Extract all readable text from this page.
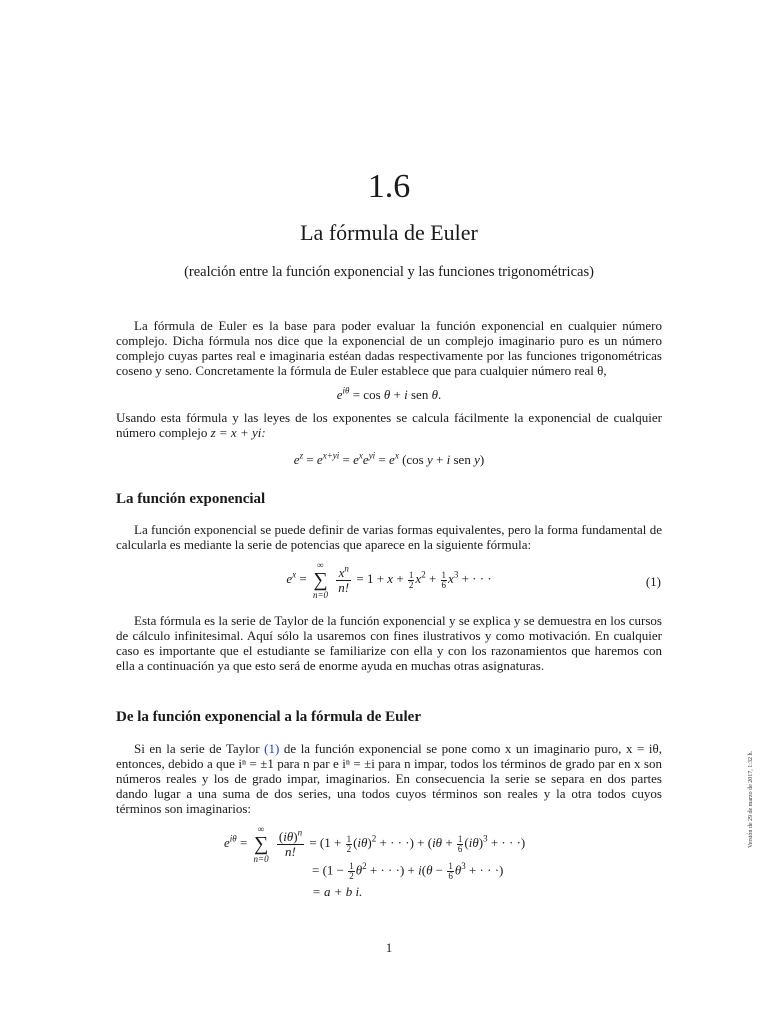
1.6
La fórmula de Euler
(realción entre la función exponencial y las funciones trigonométricas)
La fórmula de Euler es la base para poder evaluar la función exponencial en cualquier número complejo. Dicha fórmula nos dice que la exponencial de un complejo imaginario puro es un número complejo cuyas partes real e imaginaria estéan dadas respectivamente por las funciones trigonométricas coseno y seno. Concretamente la fórmula de Euler establece que para cualquier número real θ,
$e^{i\theta} = \cos \theta + i$ sen θ.
Usando esta fórmula y las leyes de los exponentes se calcula fácilmente la exponencial de cualquier número complejo z = x + yi:
$e^z = e^{x+yi} = e^xe^{yi} = e^x$ (cos y + i sen y)
La función exponencial
La función exponencial se puede definir de varias formas equivalentes, pero la forma fundamental de calcularla es mediante la serie de potencias que aparece en la siguiente fórmula:
$e^x$ =
∞
∑
n=0

$\frac{x^n}{n!} = 1 + x + \frac{1}{2} x^2 + \frac{1}{6} x^3$ + · · ·	(1)
Esta fórmula es la serie de Taylor de la función exponencial y se explica y se demuestra en los cursos de cálculo infinitesimal. Aquí sólo la usaremos con fines ilustrativos y como motivación. En cualquier caso es importante que el estudiante se familiarize con ella y con los razonamientos que haremos con ella a continuación ya que esto será de enorme ayuda en muchas otras asignaturas.
De la función exponencial a la fórmula de Euler
Si en la serie de Taylor (1) de la función exponencial se pone como x un imaginario puro, x = iθ, entonces, debido a que iⁿ = ±1 para n par e iⁿ = ±i para n impar, todos los términos de grado par en x son números reales y los de grado impar, imaginarios. En consecuencia la serie se separa en dos partes dando lugar a una suma de dos series, una todos cuyos términos son reales y la otra todos cuyos términos son imaginarios:
$e^{i\theta}$ =
∞
∑
n=0

$\frac{(i\theta)^n}{n!} = (1 + \frac{1}{2} (i\theta)^2$ + · · ·) + ($i\theta + \frac{1}{6} (i\theta)^3$ + · · ·)
= ($1 - \frac{1}{2} \theta^2$ + · · ·) + $i(\theta - \frac{1}{6} \theta^3$ + · · ·)
= a + b i.
1
Versión de 29 de marzo de 2017, 1:32 h.
